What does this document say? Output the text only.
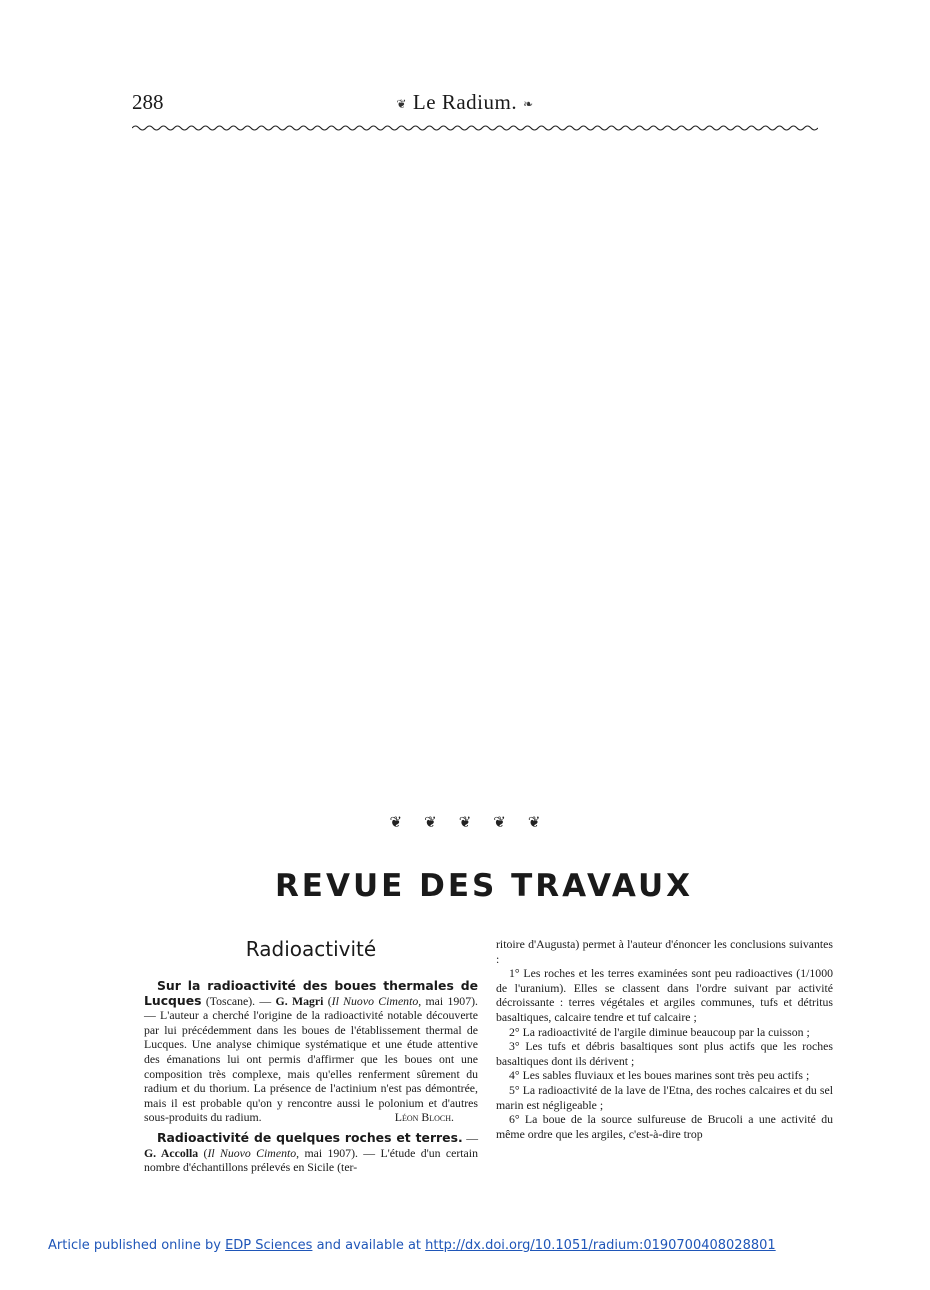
288	❦ Le Radium. ❧
❦ ❦ ❦ ❦ ❦
REVUE DES TRAVAUX
Radioactivité

Sur la radioactivité des boues thermales de Lucques (Toscane). — G. Magri (Il Nuovo Cimento, mai 1907). — L'auteur a cherché l'origine de la radioactivité notable découverte par lui précédemment dans les boues de l'établissement thermal de Lucques. Une analyse chimique systématique et une étude attentive des émanations lui ont permis d'affirmer que les boues ont une composition très complexe, mais qu'elles renferment sûrement du radium et du thorium. La présence de l'actinium n'est pas démontrée, mais il est probable qu'on y rencontre aussi le polonium et d'autres sous-produits du radium.	Léon Bloch.

Radioactivité de quelques roches et terres. — G. Accolla (Il Nuovo Cimento, mai 1907). — L'étude d'un certain nombre d'échantillons prélevés en Sicile (ter-

ritoire d'Augusta) permet à l'auteur d'énoncer les conclusions suivantes :

1° Les roches et les terres examinées sont peu radioactives (1/1000 de l'uranium). Elles se classent dans l'ordre suivant par activité décroissante : terres végétales et argiles communes, tufs et détritus basaltiques, calcaire tendre et tuf calcaire ;

2° La radioactivité de l'argile diminue beaucoup par la cuisson ;

3° Les tufs et débris basaltiques sont plus actifs que les roches basaltiques dont ils dérivent ;

4° Les sables fluviaux et les boues marines sont très peu actifs ;

5° La radioactivité de la lave de l'Etna, des roches calcaires et du sel marin est négligeable ;

6° La boue de la source sulfureuse de Brucoli a une activité du même ordre que les argiles, c'est-à-dire trop

Article published online by EDP Sciences and available at http://dx.doi.org/10.1051/radium:0190700408028801
